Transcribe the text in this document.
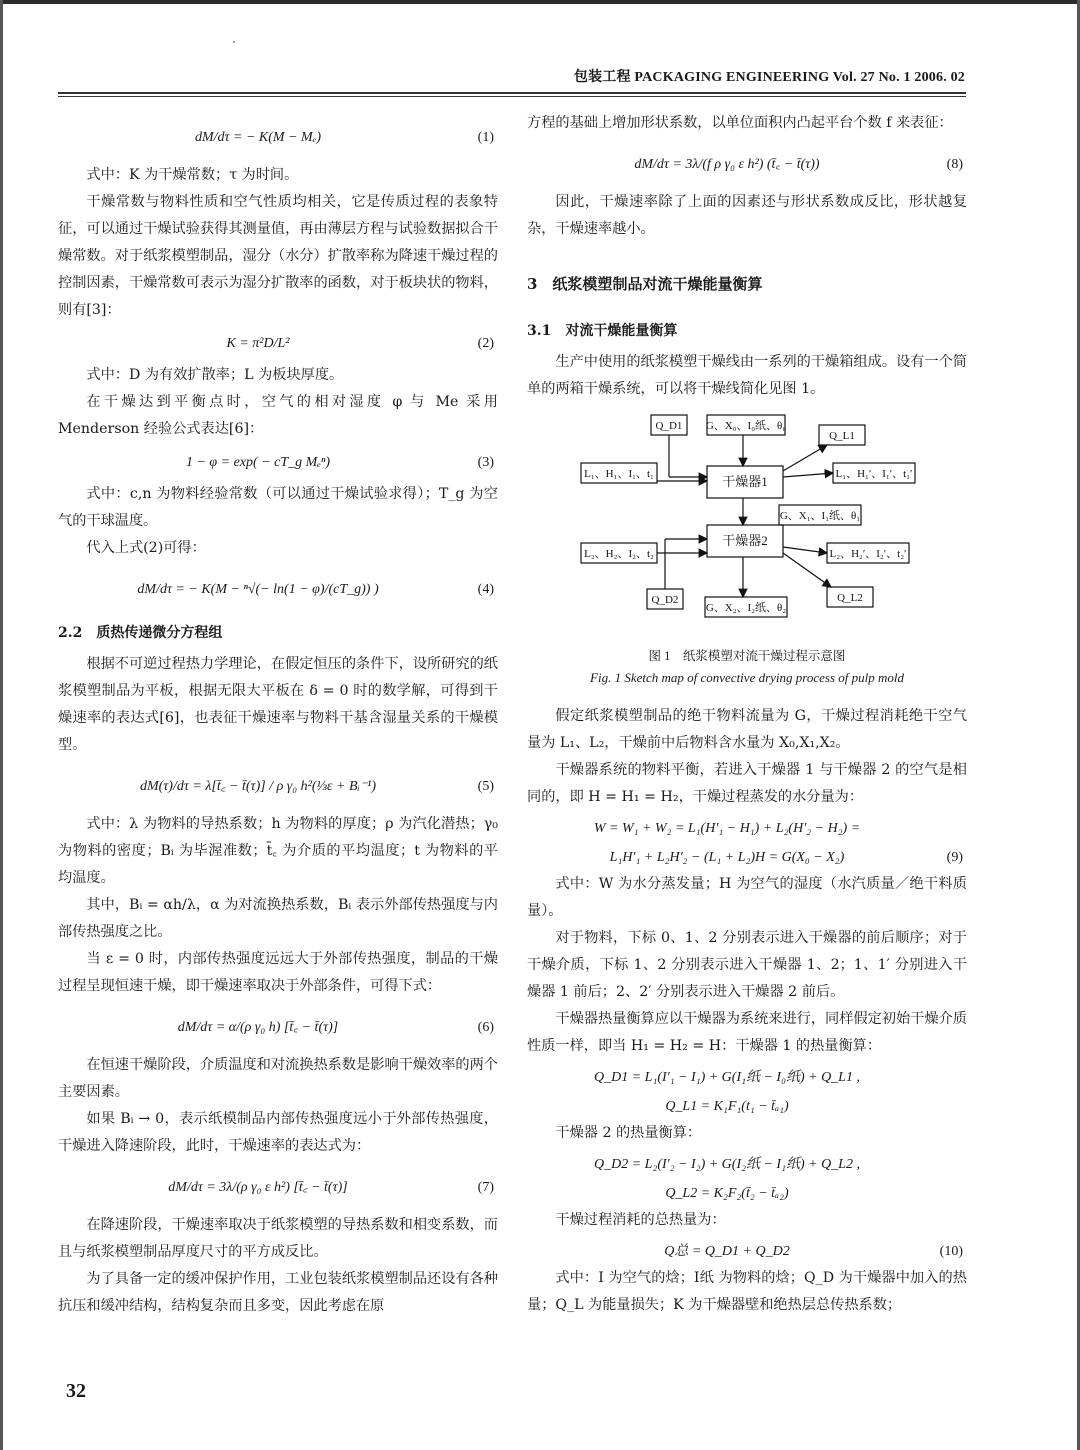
包装工程 PACKAGING ENGINEERING Vol. 27 No. 1 2006. 02
dM/dτ = − K(M − Mₑ)	(1)

式中：K 为干燥常数；τ 为时间。

干燥常数与物料性质和空气性质均相关，它是传质过程的表象特征，可以通过干燥试验获得其测量值，再由薄层方程与试验数据拟合干燥常数。对于纸浆模塑制品，湿分（水分）扩散率称为降速干燥过程的控制因素，干燥常数可表示为湿分扩散率的函数，对于板块状的物料，则有[3]：

K = π²D/L²	(2)

式中：D 为有效扩散率；L 为板块厚度。

在干燥达到平衡点时，空气的相对湿度 φ 与 Me 采用 Menderson 经验公式表达[6]：

1 − φ = exp( − cT_g Mₑⁿ)	(3)

式中：c,n 为物料经验常数（可以通过干燥试验求得）；T_g 为空气的干球温度。

代入上式(2)可得：

dM/dτ = − K(M − ⁿ√(− ln(1 − φ)/(cT_g)) )	(4)
2.2　质热传递微分方程组

根据不可逆过程热力学理论，在假定恒压的条件下，设所研究的纸浆模塑制品为平板，根据无限大平板在 δ = 0 时的数学解，可得到干燥速率的表达式[6]，也表征干燥速率与物料干基含湿量关系的干燥模型。

dM(τ)/dτ = λ[t̄꜀ − t̄(τ)] / ρ γ₀ h²(⅓ε + Bᵢ⁻¹)	(5)

式中：λ 为物料的导热系数；h 为物料的厚度；ρ 为汽化潜热；γ₀ 为物料的密度；Bᵢ 为毕渥准数；t̄꜀ 为介质的平均温度；t 为物料的平均温度。

其中，Bᵢ = αh/λ，α 为对流换热系数，Bᵢ 表示外部传热强度与内部传热强度之比。

当 ε = 0 时，内部传热强度远远大于外部传热强度，制品的干燥过程呈现恒速干燥，即干燥速率取决于外部条件，可得下式：

dM/dτ = α/(ρ γ₀ h) [t̄꜀ − t̄(τ)]	(6)

在恒速干燥阶段，介质温度和对流换热系数是影响干燥效率的两个主要因素。

如果 Bᵢ → 0，表示纸模制品内部传热强度远小于外部传热强度，干燥进入降速阶段，此时，干燥速率的表达式为：

dM/dτ = 3λ/(ρ γ₀ ε h²) [t̄꜀ − t̄(τ)]	(7)

在降速阶段，干燥速率取决于纸浆模塑的导热系数和相变系数，而且与纸浆模塑制品厚度尺寸的平方成反比。

为了具备一定的缓冲保护作用，工业包装纸浆模塑制品还设有各种抗压和缓冲结构，结构复杂而且多变，因此考虑在原

方程的基础上增加形状系数，以单位面积内凸起平台个数 f 来表征：

dM/dτ = 3λ/(f ρ γ₀ ε h²) (t̄꜀ − t̄(τ))	(8)

因此，干燥速率除了上面的因素还与形状系数成反比，形状越复杂，干燥速率越小。

3　纸浆模塑制品对流干燥能量衡算
3.1　对流干燥能量衡算

生产中使用的纸浆模塑干燥线由一系列的干燥箱组成。设有一个简单的两箱干燥系统，可以将干燥线简化见图 1。

Q_D1 G、X₀、I₀纸、θ₀
Q_L1
干燥器1
L₁、H₁、I₁、t₁	L₁、H₁′、I₁′、t₁′
G、X₁、I₁纸、θ₁
干燥器2
L₂、H₂、I₂、t₂	L₂、H₂′、I₂′、t₂′
Q_D2
G、X₂、I₂纸、θ₂
Q_L2
图 1　纸浆模塑对流干燥过程示意图
Fig. 1 Sketch map of convective drying process of pulp mold

假定纸浆模塑制品的绝干物料流量为 G，干燥过程消耗绝干空气量为 L₁、L₂，干燥前中后物料含水量为 X₀,X₁,X₂。

干燥器系统的物料平衡，若进入干燥器 1 与干燥器 2 的空气是相同的，即 H = H₁ = H₂，干燥过程蒸发的水分量为：

W = W₁ + W₂ = L₁(H′₁ − H₁) + L₂(H′₂ − H₂) =
L₁H′₁ + L₂H′₂ − (L₁ + L₂)H = G(X₀ − X₂)	(9)

式中：W 为水分蒸发量；H 为空气的湿度（水汽质量／绝干料质量）。

对于物料，下标 0、1、2 分别表示进入干燥器的前后顺序；对于干燥介质，下标 1、2 分别表示进入干燥器 1、2；1、1′ 分别进入干燥器 1 前后；2、2′ 分别表示进入干燥器 2 前后。

干燥器热量衡算应以干燥器为系统来进行，同样假定初始干燥介质性质一样，即当 H₁ = H₂ = H：干燥器 1 的热量衡算：

Q_D1 = L₁(I′₁ − I₁) + G(I₁纸 − I₀纸) + Q_L1 ,
Q_L1 = K₁F₁(t₁ − t̄ₐ₁)

干燥器 2 的热量衡算：

Q_D2 = L₂(I′₂ − I₂) + G(I₂纸 − I₁纸) + Q_L2 ,
Q_L2 = K₂F₂(t̄₂ − t̄ₐ₂)

干燥过程消耗的总热量为：

Q总 = Q_D1 + Q_D2	(10)

式中：I 为空气的焓；I纸 为物料的焓；Q_D 为干燥器中加入的热量；Q_L 为能量损失；K 为干燥器壁和绝热层总传热系数；

32
